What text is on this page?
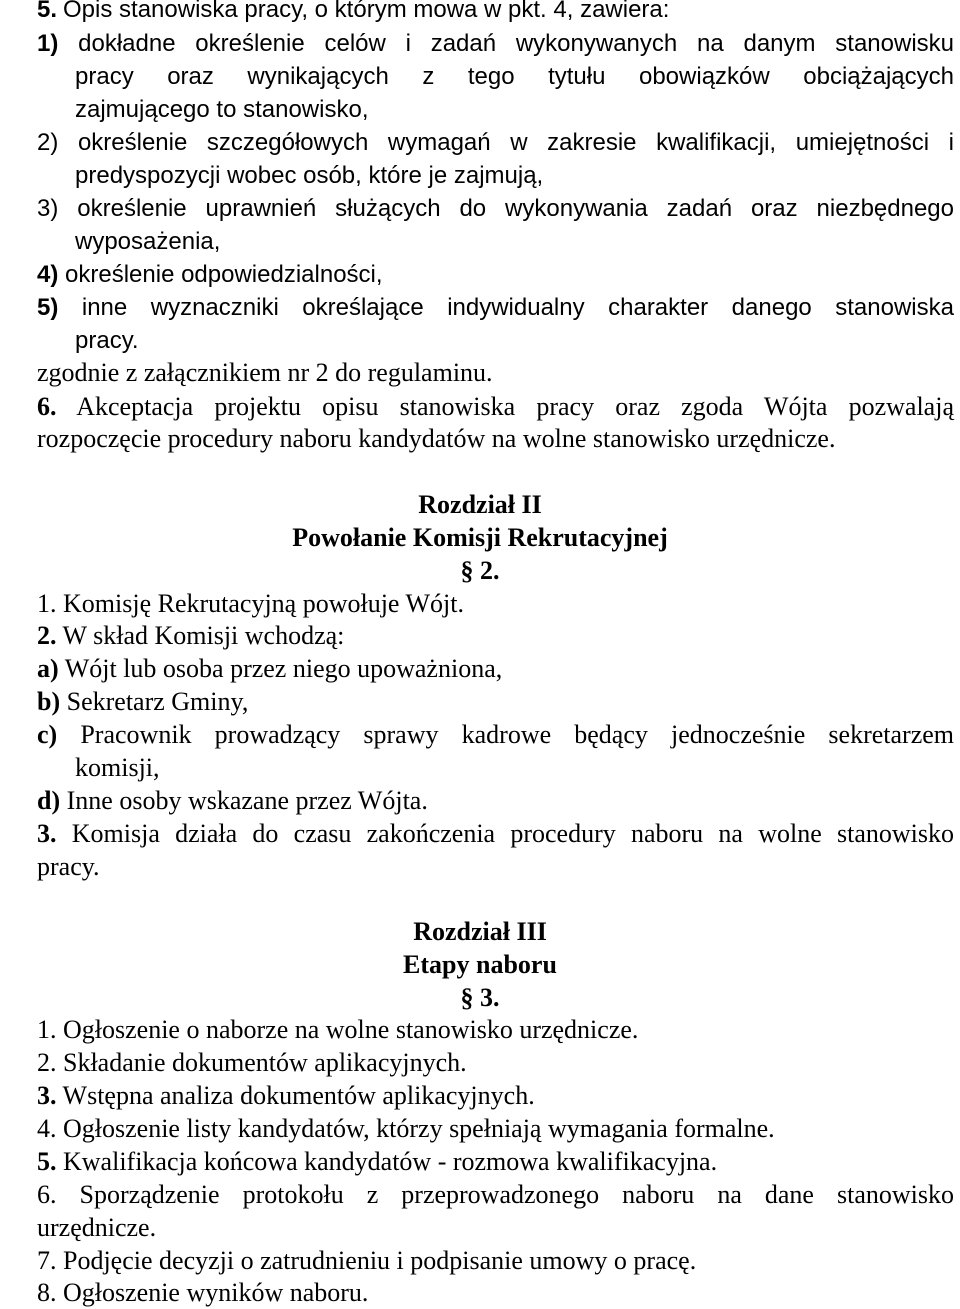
5. Opis stanowiska pracy, o którym mowa w pkt. 4, zawiera:
1) dokładne określenie celów i zadań wykonywanych na danym stanowisku
pracy oraz wynikających z tego tytułu obowiązków obciążających
zajmującego to stanowisko,
2) określenie szczegółowych wymagań w zakresie kwalifikacji, umiejętności i
predyspozycji wobec osób, które je zajmują,
3) określenie uprawnień służących do wykonywania zadań oraz niezbędnego
wyposażenia,
4) określenie odpowiedzialności,
5) inne wyznaczniki określające indywidualny charakter danego stanowiska
pracy.
zgodnie z załącznikiem nr 2 do regulaminu.
6. Akceptacja projektu opisu stanowiska pracy oraz zgoda Wójta pozwalają
rozpoczęcie procedury naboru kandydatów na wolne stanowisko urzędnicze.
Rozdział II
Powołanie Komisji Rekrutacyjnej
§ 2.
1. Komisję Rekrutacyjną powołuje Wójt.
2. W skład Komisji wchodzą:
a) Wójt lub osoba przez niego upoważniona,
b) Sekretarz Gminy,
c) Pracownik prowadzący sprawy kadrowe będący jednocześnie sekretarzem
komisji,
d) Inne osoby wskazane przez Wójta.
3. Komisja działa do czasu zakończenia procedury naboru na wolne stanowisko
pracy.
Rozdział III
Etapy naboru
§ 3.
1. Ogłoszenie o naborze na wolne stanowisko urzędnicze.
2. Składanie dokumentów aplikacyjnych.
3. Wstępna analiza dokumentów aplikacyjnych.
4. Ogłoszenie listy kandydatów, którzy spełniają wymagania formalne.
5. Kwalifikacja końcowa kandydatów - rozmowa kwalifikacyjna.
6. Sporządzenie protokołu z przeprowadzonego naboru na dane stanowisko
urzędnicze.
7. Podjęcie decyzji o zatrudnieniu i podpisanie umowy o pracę.
8. Ogłoszenie wyników naboru.
